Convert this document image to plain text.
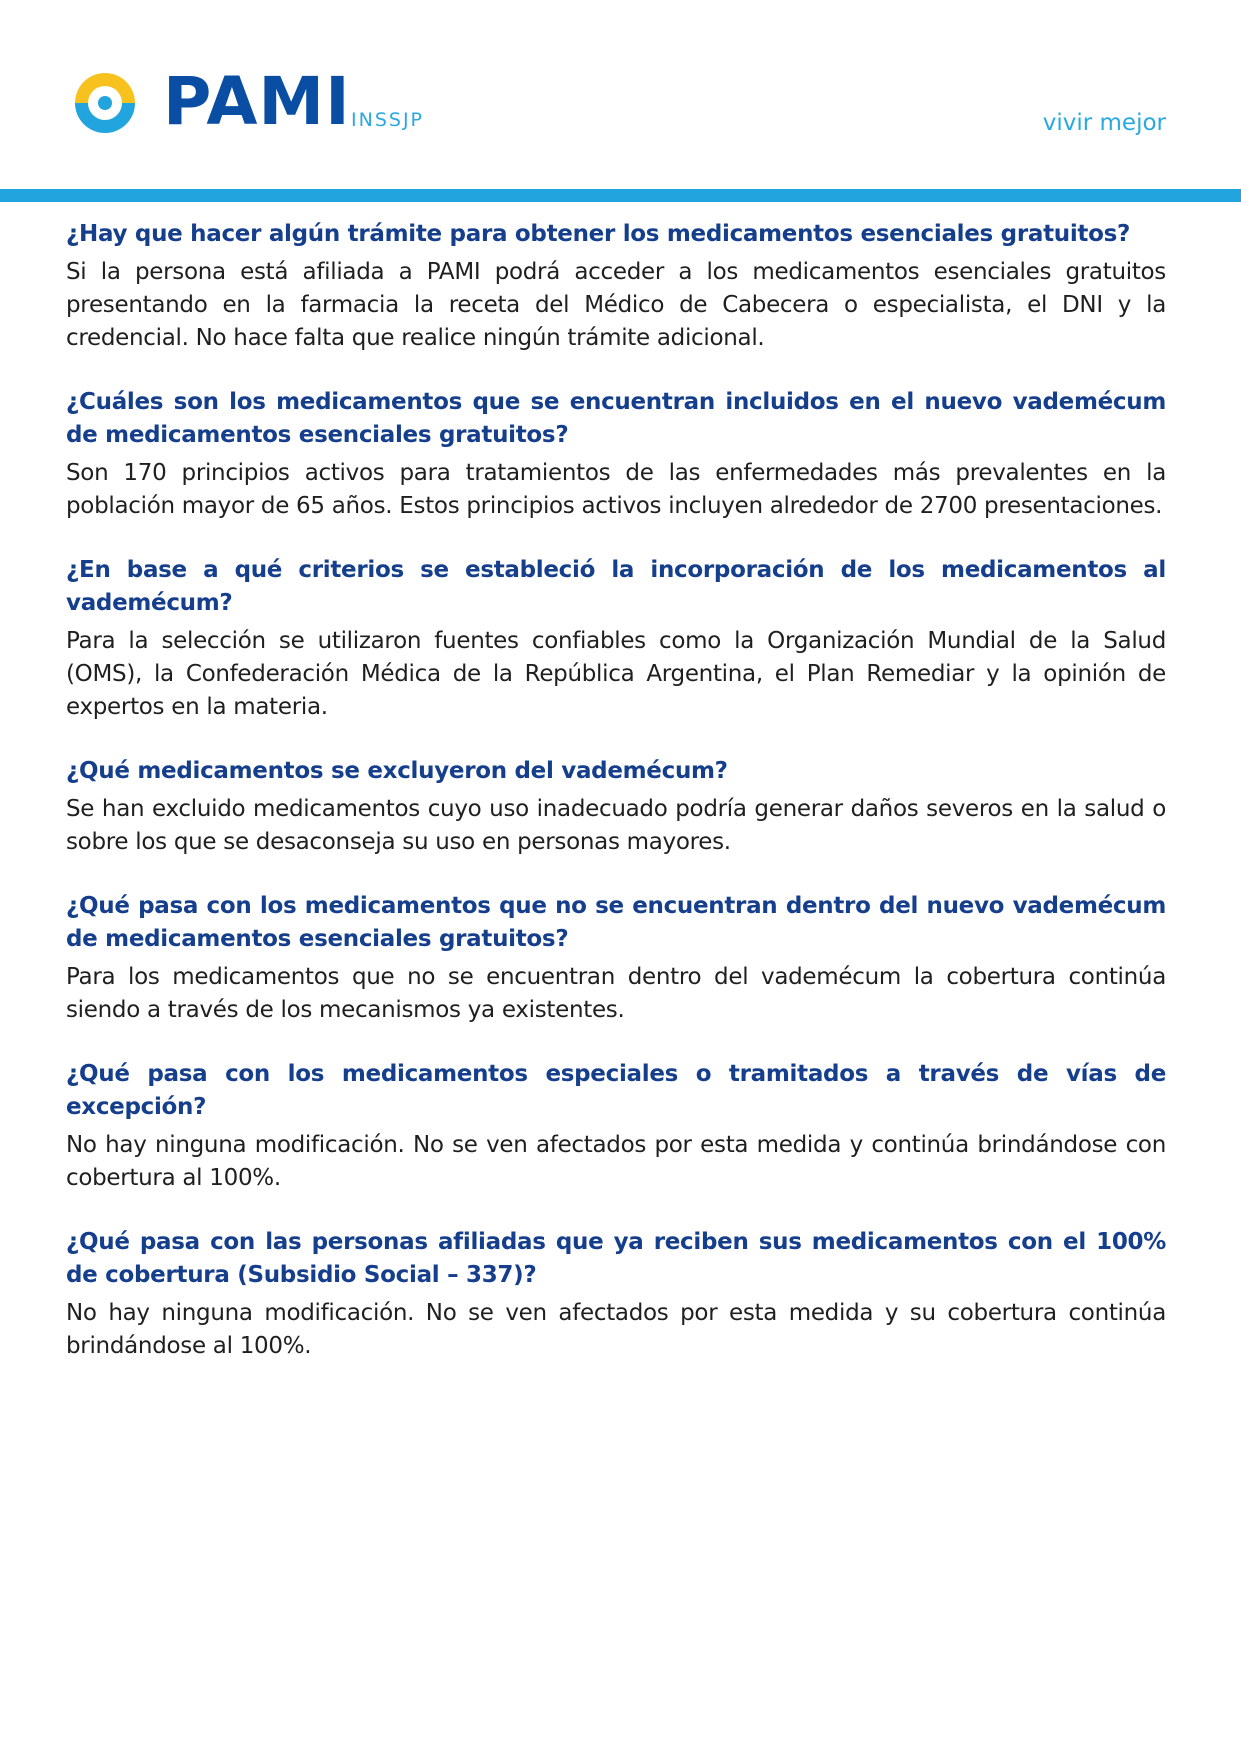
PAMI INSSJP	vivir mejor

¿Hay que hacer algún trámite para obtener los medicamentos esenciales gratuitos?

Si la persona está afiliada a PAMI podrá acceder a los medicamentos esenciales gratuitos presentando en la farmacia la receta del Médico de Cabecera o especialista, el DNI y la credencial. No hace falta que realice ningún trámite adicional.

¿Cuáles son los medicamentos que se encuentran incluidos en el nuevo vademécum de medicamentos esenciales gratuitos?

Son 170 principios activos para tratamientos de las enfermedades más prevalentes en la población mayor de 65 años. Estos principios activos incluyen alrededor de 2700 presentaciones.

¿En base a qué criterios se estableció la incorporación de los medicamentos al vademécum?

Para la selección se utilizaron fuentes confiables como la Organización Mundial de la Salud (OMS), la Confederación Médica de la República Argentina, el Plan Remediar y la opinión de expertos en la materia.

¿Qué medicamentos se excluyeron del vademécum?

Se han excluido medicamentos cuyo uso inadecuado podría generar daños severos en la salud o sobre los que se desaconseja su uso en personas mayores.

¿Qué pasa con los medicamentos que no se encuentran dentro del nuevo vademécum de medicamentos esenciales gratuitos?

Para los medicamentos que no se encuentran dentro del vademécum la cobertura continúa siendo a través de los mecanismos ya existentes.

¿Qué pasa con los medicamentos especiales o tramitados a través de vías de excepción?

No hay ninguna modificación. No se ven afectados por esta medida y continúa brindándose con cobertura al 100%.

¿Qué pasa con las personas afiliadas que ya reciben sus medicamentos con el 100% de cobertura (Subsidio Social – 337)?

No hay ninguna modificación. No se ven afectados por esta medida y su cobertura continúa brindándose al 100%.
